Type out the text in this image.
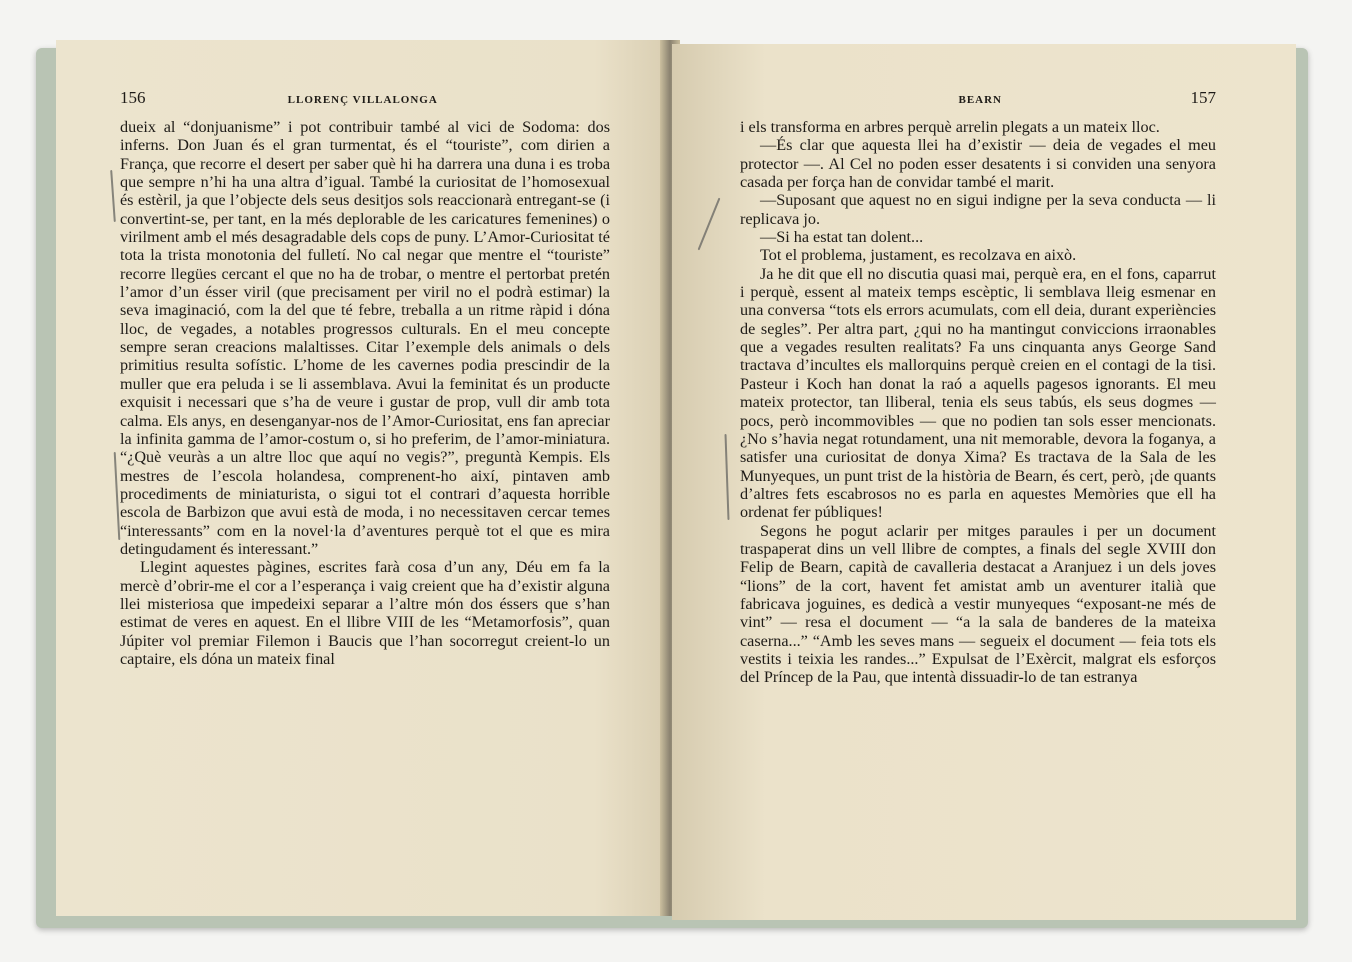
156	LLORENÇ VILLALONGA

dueix al “donjuanisme” i pot contribuir també al vici de Sodoma: dos inferns. Don Juan és el gran turmentat, és el “touriste”, com dirien a França, que recorre el desert per saber què hi ha darrera una duna i es troba que sempre n’hi ha una altra d’igual. També la curiositat de l’homosexual és estèril, ja que l’objecte dels seus desitjos sols reaccionarà entregant-se (i convertint-se, per tant, en la més deplorable de les caricatures femenines) o virilment amb el més desagradable dels cops de puny. L’Amor-Curiositat té tota la trista monotonia del fulletí. No cal negar que mentre el “touriste” recorre llegües cercant el que no ha de trobar, o mentre el pertorbat pretén l’amor d’un ésser viril (que precisament per viril no el podrà estimar) la seva imaginació, com la del que té febre, treballa a un ritme ràpid i dóna lloc, de vegades, a notables progressos culturals. En el meu concepte sempre seran creacions malaltisses. Citar l’exemple dels animals o dels primitius resulta sofístic. L’home de les cavernes podia prescindir de la muller que era peluda i se li assemblava. Avui la feminitat és un producte exquisit i necessari que s’ha de veure i gustar de prop, vull dir amb tota calma. Els anys, en desenganyar-nos de l’Amor-Curiositat, ens fan apreciar la infinita gamma de l’amor-costum o, si ho preferim, de l’amor-miniatura. “¿Què veuràs a un altre lloc que aquí no vegis?”, preguntà Kempis. Els mestres de l’escola holandesa, comprenent-ho així, pintaven amb procediments de miniaturista, o sigui tot el contrari d’aquesta horrible escola de Barbizon que avui està de moda, i no necessitaven cercar temes “interessants” com en la novel·la d’aventures perquè tot el que es mira detingudament és interessant.”

Llegint aquestes pàgines, escrites farà cosa d’un any, Déu em fa la mercè d’obrir-me el cor a l’esperança i vaig creient que ha d’existir alguna llei misteriosa que impedeixi separar a l’altre món dos éssers que s’han estimat de veres en aquest. En el llibre VIII de les “Metamorfosis”, quan Júpiter vol premiar Filemon i Baucis que l’han socorregut creient-lo un captaire, els dóna un mateix final

BEARN	157

i els transforma en arbres perquè arrelin plegats a un mateix lloc.

—És clar que aquesta llei ha d’existir — deia de vegades el meu protector —. Al Cel no poden esser desatents i si conviden una senyora casada per força han de convidar també el marit.

—Suposant que aquest no en sigui indigne per la seva conducta — li replicava jo.

—Si ha estat tan dolent...

Tot el problema, justament, es recolzava en això.

Ja he dit que ell no discutia quasi mai, perquè era, en el fons, caparrut i perquè, essent al mateix temps escèptic, li semblava lleig esmenar en una conversa “tots els errors acumulats, com ell deia, durant experiències de segles”. Per altra part, ¿qui no ha mantingut conviccions irraonables que a vegades resulten realitats? Fa uns cinquanta anys George Sand tractava d’incultes els mallorquins perquè creien en el contagi de la tisi. Pasteur i Koch han donat la raó a aquells pagesos ignorants. El meu mateix protector, tan lliberal, tenia els seus tabús, els seus dogmes — pocs, però incommovibles — que no podien tan sols esser mencionats. ¿No s’havia negat rotundament, una nit memorable, devora la foganya, a satisfer una curiositat de donya Xima? Es tractava de la Sala de les Munyeques, un punt trist de la història de Bearn, és cert, però, ¡de quants d’altres fets escabrosos no es parla en aquestes Memòries que ell ha ordenat fer públiques!

Segons he pogut aclarir per mitges paraules i per un document traspaperat dins un vell llibre de comptes, a finals del segle XVIII don Felip de Bearn, capità de cavalleria destacat a Aranjuez i un dels joves “lions” de la cort, havent fet amistat amb un aventurer italià que fabricava joguines, es dedicà a vestir munyeques “exposant-ne més de vint” — resa el document — “a la sala de banderes de la mateixa caserna...” “Amb les seves mans — segueix el document — feia tots els vestits i teixia les randes...” Expulsat de l’Exèrcit, malgrat els esforços del Príncep de la Pau, que intentà dissuadir-lo de tan estranya
